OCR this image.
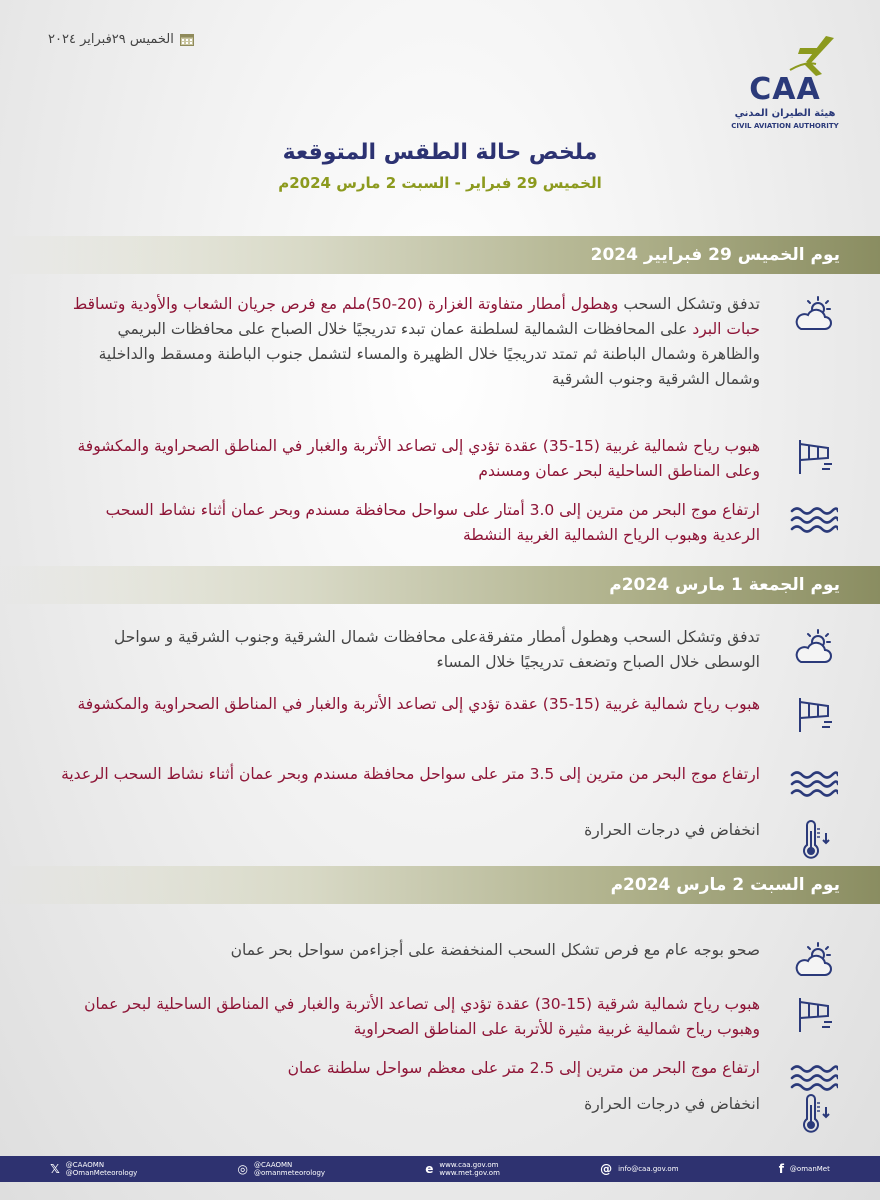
الخميس ٢٩فبراير ٢٠٢٤
CAA
هيئة الطيران المدني
CIVIL AVIATION AUTHORITY
ملخص حالة الطقس المتوقعة
الخميس 29 فبراير - السبت 2 مارس 2024م
يوم الخميس 29 فبرايير 2024
تدفق وتشكل السحب وهطول أمطار متفاوتة الغزارة (20-50)ملم مع فرص جريان الشعاب والأودية وتساقط حبات البرد على المحافظات الشمالية لسلطنة عمان تبدء تدريجيًا خلال الصباح على محافظات البريمي والظاهرة وشمال الباطنة ثم تمتد تدريجيًا خلال الظهيرة والمساء لتشمل جنوب الباطنة ومسقط والداخلية وشمال الشرقية وجنوب الشرقية
هبوب رياح شمالية غربية (15-35) عقدة تؤدي إلى تصاعد الأتربة والغبار في المناطق الصحراوية والمكشوفة وعلى المناطق الساحلية لبحر عمان ومسندم
ارتفاع موج البحر من مترين إلى 3.0 أمتار على سواحل محافظة مسندم وبحر عمان أثناء نشاط السحب الرعدية وهبوب الرياح الشمالية الغربية النشطة
يوم الجمعة 1 مارس 2024م
تدفق وتشكل السحب وهطول أمطار متفرقةعلى محافظات شمال الشرقية وجنوب الشرقية و سواحل الوسطى خلال الصباح وتضعف تدريجيًا خلال المساء
هبوب رياح شمالية غربية (15-35) عقدة تؤدي إلى تصاعد الأتربة والغبار في المناطق الصحراوية والمكشوفة
ارتفاع موج البحر من مترين إلى 3.5 متر على سواحل محافظة مسندم وبحر عمان أثناء نشاط السحب الرعدية
انخفاض في درجات الحرارة
يوم السبت 2 مارس 2024م
صحو بوجه عام مع فرص تشكل السحب المنخفضة على أجزاءمن سواحل بحر عمان
هبوب رياح شمالية شرقية (15-30) عقدة تؤدي إلى تصاعد الأتربة والغبار في المناطق الساحلية لبحر عمان وهبوب رياح شمالية غربية مثيرة للأتربة على المناطق الصحراوية
ارتفاع موج البحر من مترين إلى 2.5 متر على معظم سواحل سلطنة عمان
انخفاض في درجات الحرارة
𝕏 @CAAOMN
@OmanMeteorology	◎ @CAAOMN
@omanmeteorology	e www.caa.gov.om
www.met.gov.om	@ info@caa.gov.om	f @omanMet
